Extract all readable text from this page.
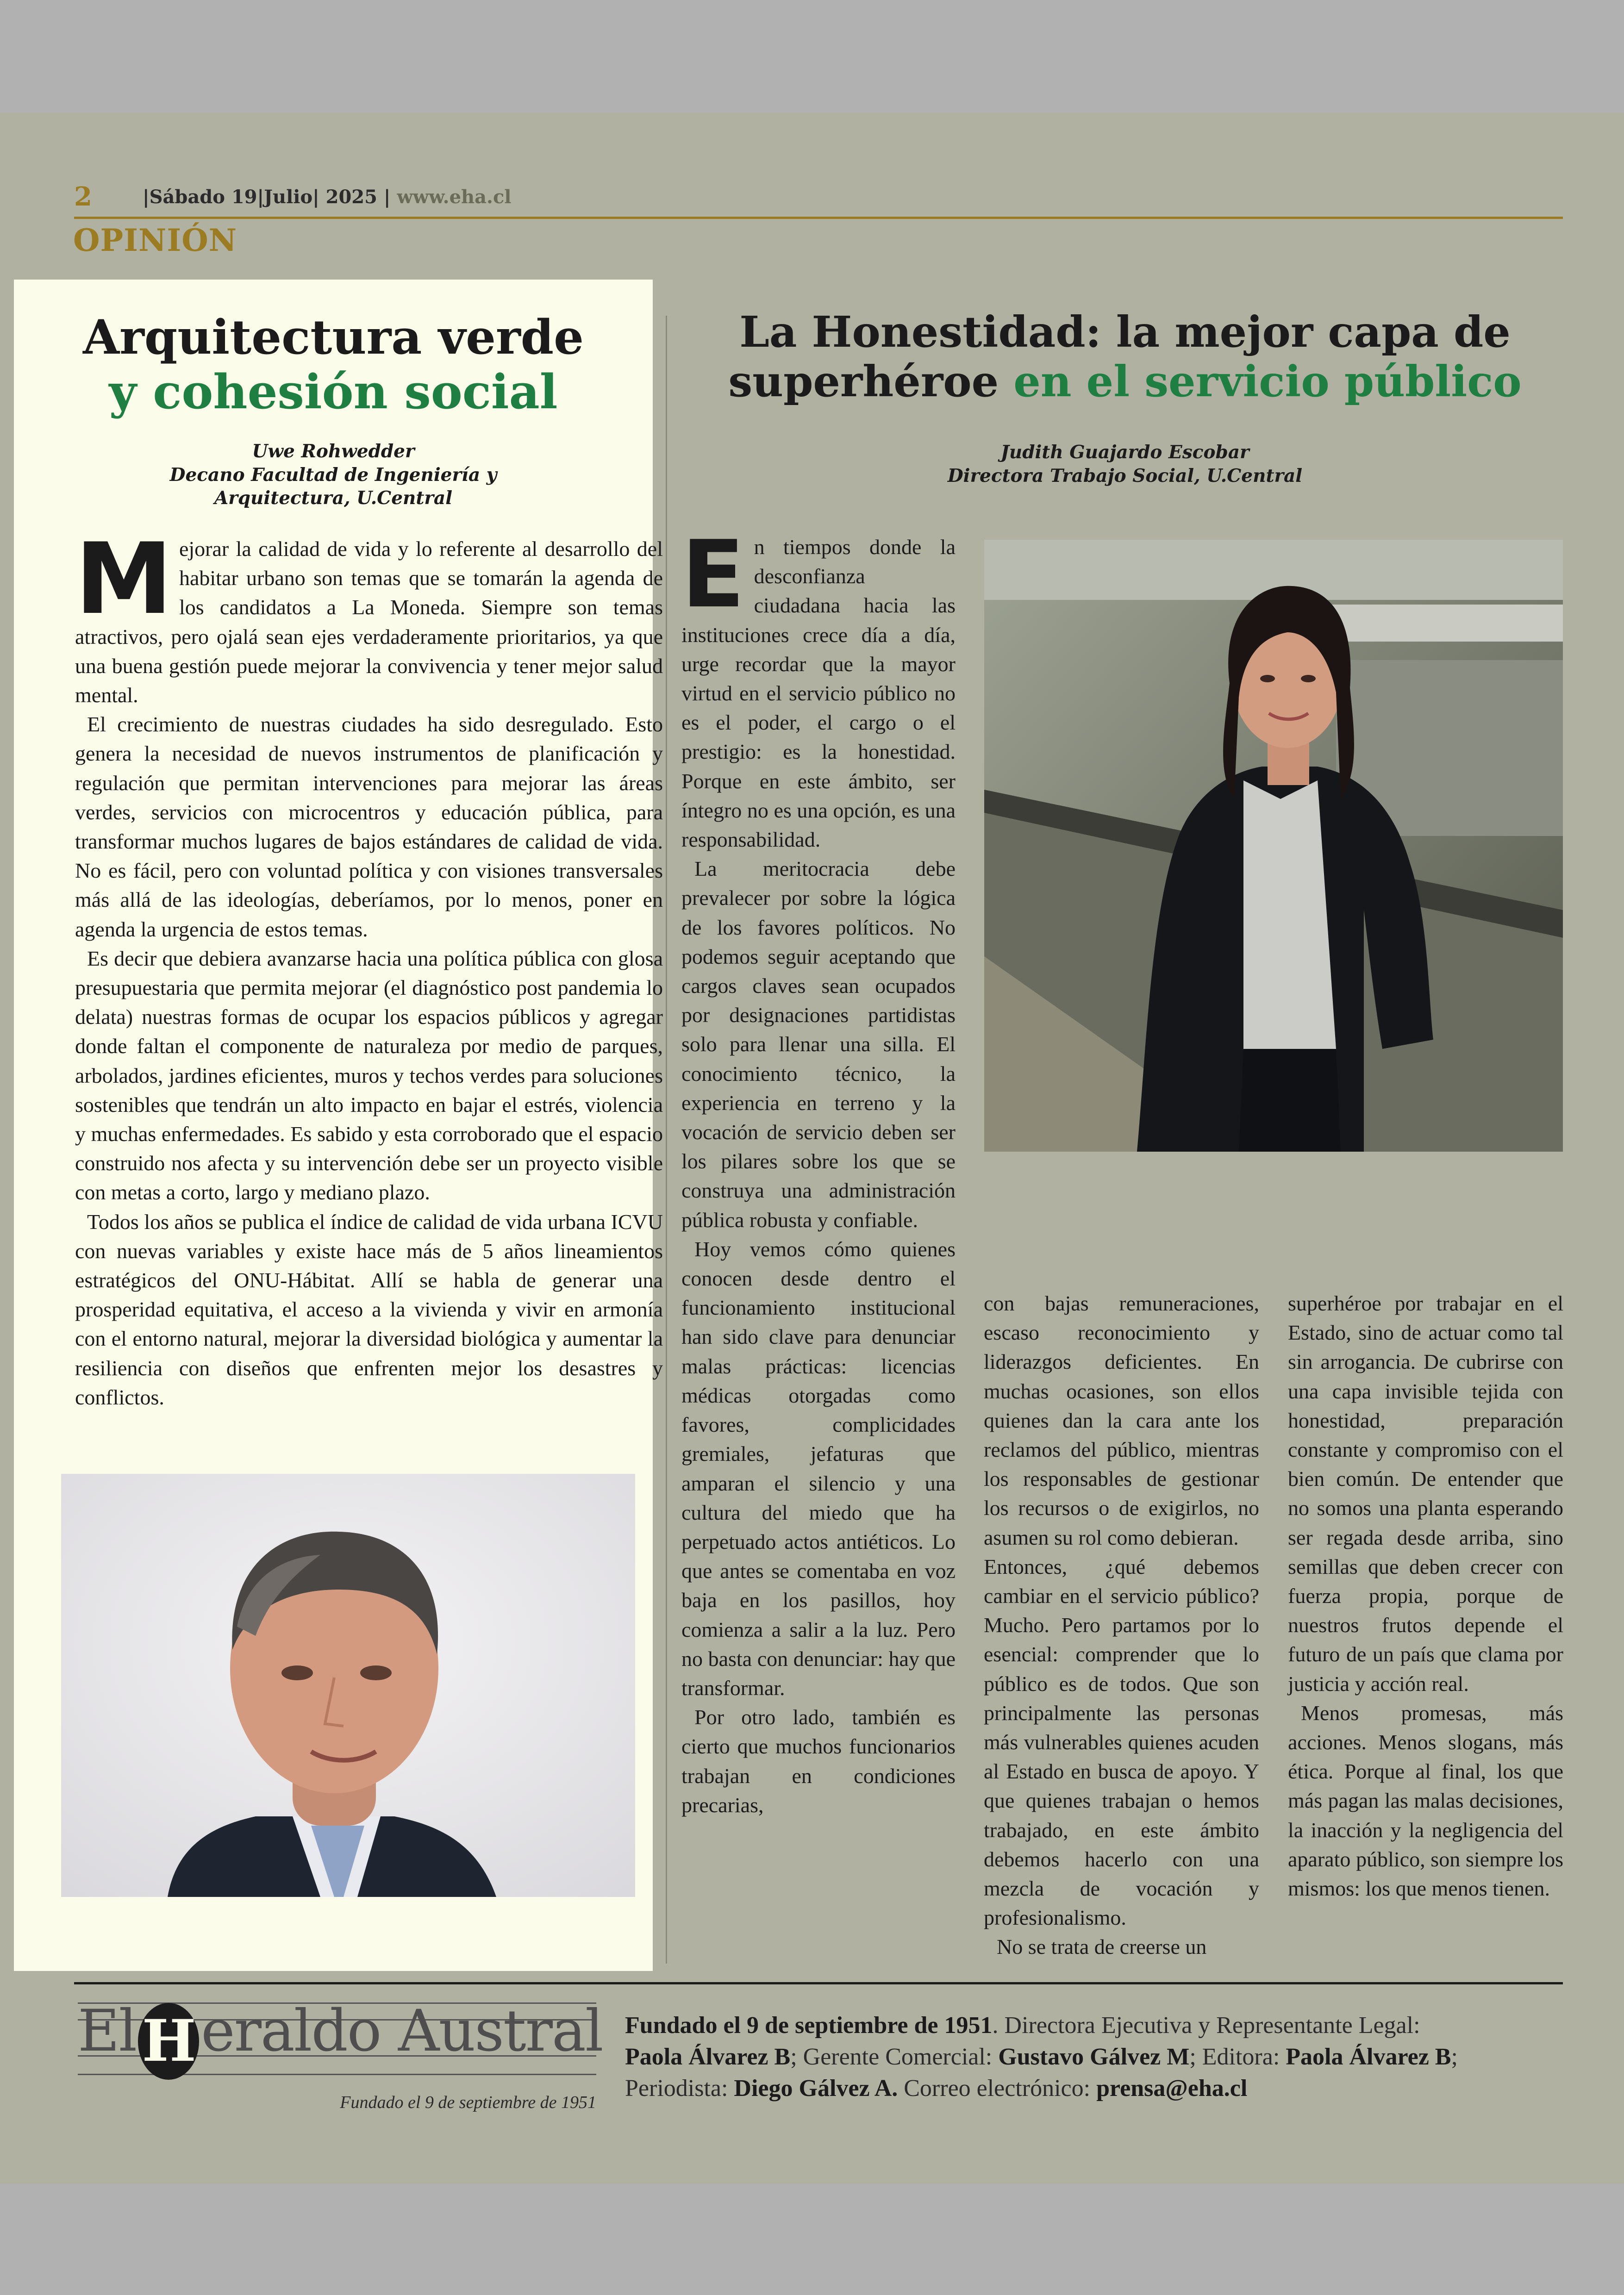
2	|Sábado 19|Julio| 2025 | www.eha.cl
OPINIÓN
Arquitectura verde
y cohesión social
Uwe Rohwedder
Decano Facultad de Ingeniería y
Arquitectura, U.Central

Mejorar la calidad de vida y lo referente al desarrollo del habitar urbano son temas que se tomarán la agenda de los candidatos a La Moneda. Siempre son temas atractivos, pero ojalá sean ejes verdaderamente prioritarios, ya que una buena gestión puede mejorar la convivencia y tener mejor salud mental.

El crecimiento de nuestras ciudades ha sido desregulado. Esto genera la necesidad de nuevos instrumentos de planificación y regulación que permitan intervenciones para mejorar las áreas verdes, servicios con microcentros y educación pública, para transformar muchos lugares de bajos estándares de calidad de vida. No es fácil, pero con voluntad política y con visiones transversales más allá de las ideologías, deberíamos, por lo menos, poner en agenda la urgencia de estos temas.

Es decir que debiera avanzarse hacia una política pública con glosa presupuestaria que permita mejorar (el diagnóstico post pandemia lo delata) nuestras formas de ocupar los espacios públicos y agregar donde faltan el componente de naturaleza por medio de parques, arbolados, jardines eficientes, muros y techos verdes para soluciones sostenibles que tendrán un alto impacto en bajar el estrés, violencia y muchas enfermedades. Es sabido y esta corroborado que el espacio construido nos afecta y su intervención debe ser un proyecto visible con metas a corto, largo y mediano plazo.

Todos los años se publica el índice de calidad de vida urbana ICVU con nuevas variables y existe hace más de 5 años lineamientos estratégicos del ONU-Hábitat. Allí se habla de generar una prosperidad equitativa, el acceso a la vivienda y vivir en armonía con el entorno natural, mejorar la diversidad biológica y aumentar la resiliencia con diseños que enfrenten mejor los desastres y conflictos.

La Honestidad: la mejor capa de
superhéroe en el servicio público
Judith Guajardo Escobar
Directora Trabajo Social, U.Central

En tiempos donde la desconfianza ciudadana hacia las instituciones crece día a día, urge recordar que la mayor virtud en el servicio público no es el poder, el cargo o el prestigio: es la honestidad. Porque en este ámbito, ser íntegro no es una opción, es una responsabilidad.

La meritocracia debe prevalecer por sobre la lógica de los favores políticos. No podemos seguir aceptando que cargos claves sean ocupados por designaciones partidistas solo para llenar una silla. El conocimiento técnico, la experiencia en terreno y la vocación de servicio deben ser los pilares sobre los que se construya una administración pública robusta y confiable.

Hoy vemos cómo quienes conocen desde dentro el funcionamiento institucional han sido clave para denunciar malas prácticas: licencias médicas otorgadas como favores, complicidades gremiales, jefaturas que amparan el silencio y una cultura del miedo que ha perpetuado actos antiéticos. Lo que antes se comentaba en voz baja en los pasillos, hoy comienza a salir a la luz. Pero no basta con denunciar: hay que transformar.

Por otro lado, también es cierto que muchos funcionarios trabajan en condiciones precarias,

con bajas remuneraciones, escaso reconocimiento y liderazgos deficientes. En muchas ocasiones, son ellos quienes dan la cara ante los reclamos del público, mientras los responsables de gestionar los recursos o de exigirlos, no asumen su rol como debieran.

Entonces, ¿qué debemos cambiar en el servicio público? Mucho. Pero partamos por lo esencial: comprender que lo público es de todos. Que son principalmente las personas más vulnerables quienes acuden al Estado en busca de apoyo. Y que quienes trabajan o hemos trabajado, en este ámbito debemos hacerlo con una mezcla de vocación y profesionalismo.

No se trata de creerse un

superhéroe por trabajar en el Estado, sino de actuar como tal sin arrogancia. De cubrirse con una capa invisible tejida con honestidad, preparación constante y compromiso con el bien común. De entender que no somos una planta esperando ser regada desde arriba, sino semillas que deben crecer con fuerza propia, porque de nuestros frutos depende el futuro de un país que clama por justicia y acción real.

Menos promesas, más acciones. Menos slogans, más ética. Porque al final, los que más pagan las malas decisiones, la inacción y la negligencia del aparato público, son siempre los mismos: los que menos tienen.

El H eraldo Austral
Fundado el 9 de septiembre de 1951
Fundado el 9 de septiembre de 1951. Directora Ejecutiva y Representante Legal:
Paola Álvarez B; Gerente Comercial: Gustavo Gálvez M; Editora: Paola Álvarez B;
Periodista: Diego Gálvez A. Correo electrónico: prensa@eha.cl
